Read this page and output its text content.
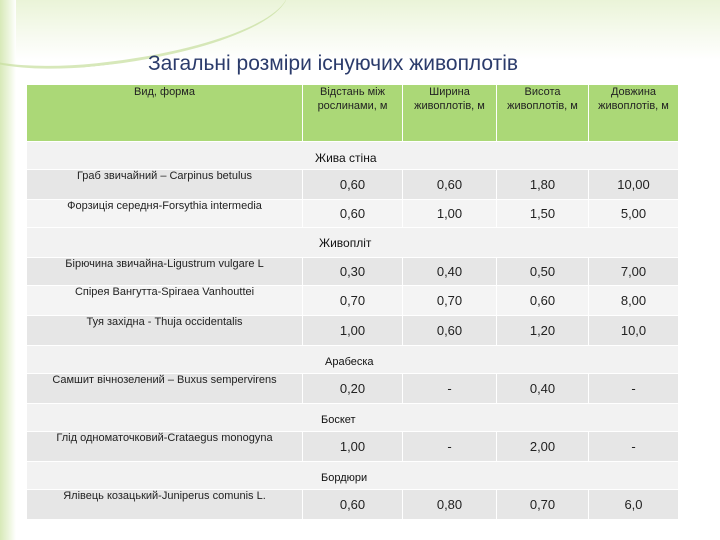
Загальні розміри існуючих живоплотів
Вид, форма	Відстань між рослинами, м	Ширина живоплотів, м	Висота живоплотів, м	Довжина живоплотів, м
Жива стіна				
Граб звичайний – Carpinus betulus	0,60	0,60	1,80	10,00
Форзиція середня-Forsythia intermedia	0,60	1,00	1,50	5,00
Живопліт				
Бірючина звичайна-Ligustrum vulgare L	0,30	0,40	0,50	7,00
Спірея Вангутта-Spiraea Vanhouttei	0,70	0,70	0,60	8,00
Туя західна - Thuja occidentalis	1,00	0,60	1,20	10,0
Арабеска				
Самшит вічнозелений – Buxus sempervirens	0,20	-	0,40	-
Боскет				
Глід одноматочковий-Crataegus monogyna	1,00	-	2,00	-
Бордюри				
Ялівець козацький-Juniperus comunis L.	0,60	0,80	0,70	6,0
